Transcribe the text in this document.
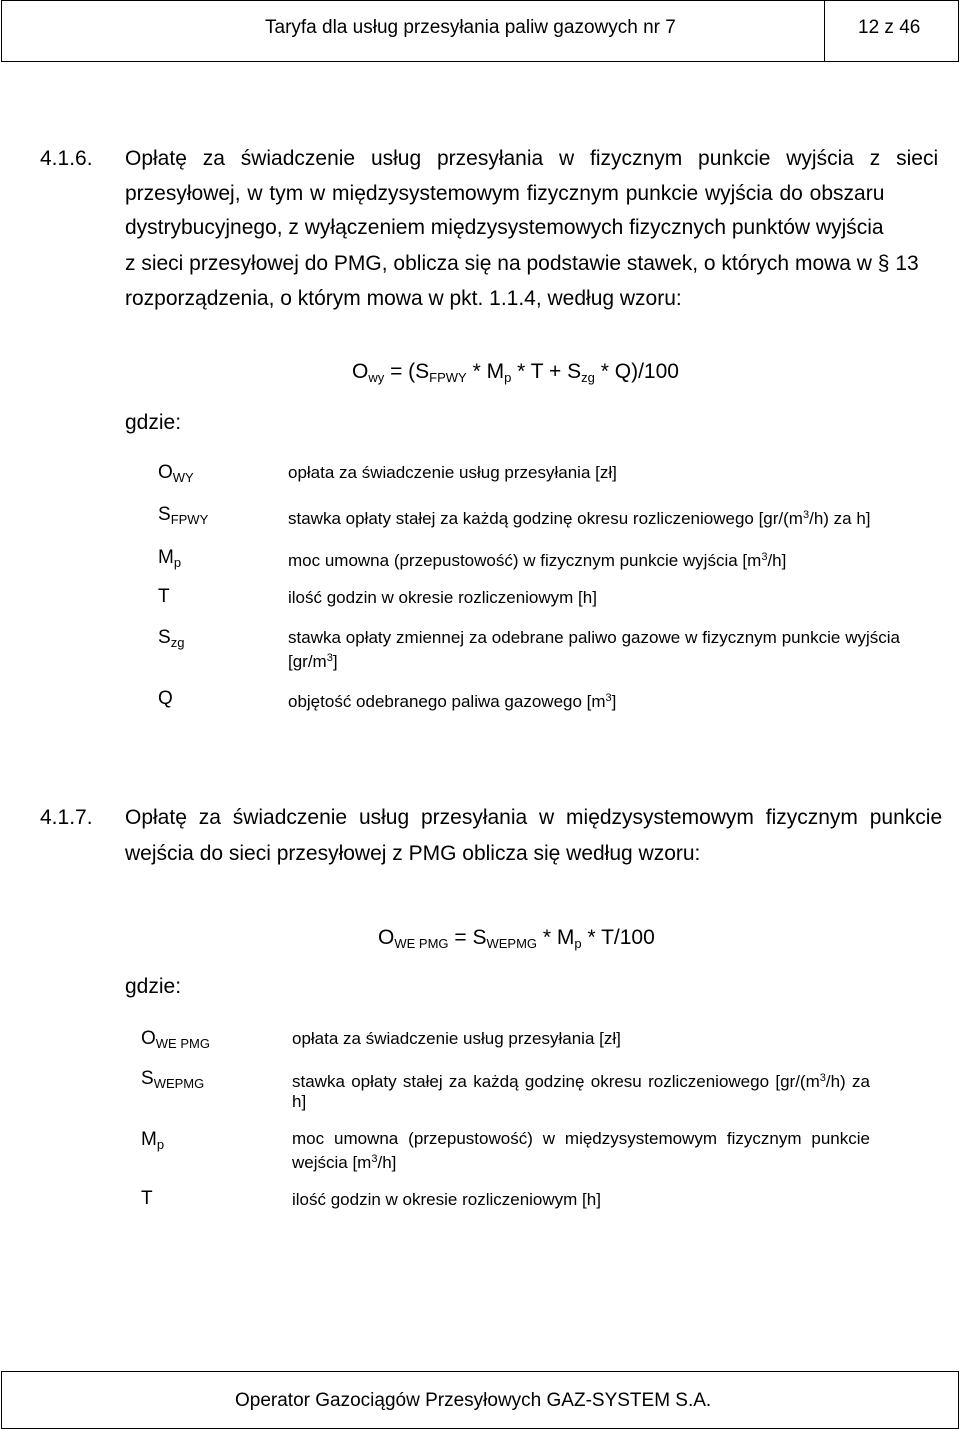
Taryfa dla usług przesyłania paliw gazowych nr 7	12 z 46
4.1.6. Opłatę za świadczenie usług przesyłania w fizycznym punkcie wyjścia z sieci
przesyłowej, w tym w międzysystemowym fizycznym punkcie wyjścia do obszaru
dystrybucyjnego, z wyłączeniem międzysystemowych fizycznych punktów wyjścia
z sieci przesyłowej do PMG, oblicza się na podstawie stawek, o których mowa w § 13
rozporządzenia, o którym mowa w pkt. 1.1.4, według wzoru:
$O_{wy} = (S_{FPWY} * M_p * T + S_{zg} * Q)/100$
gdzie:
$O_{WY}$	opłata za świadczenie usług przesyłania [zł]
$S_{FPWY}$	stawka opłaty stałej za każdą godzinę okresu rozliczeniowego [$gr/(m^3/h)$ za h]
$M_p$	moc umowna (przepustowość) w fizycznym punkcie wyjścia $[m^3/h]$
T	ilość godzin w okresie rozliczeniowym [h]
$S_{zg}$	stawka opłaty zmiennej za odebrane paliwo gazowe w fizycznym punkcie wyjścia $[gr/m^3]$
Q	objętość odebranego paliwa gazowego $[m^3]$
4.1.7. Opłatę za świadczenie usług przesyłania w międzysystemowym fizycznym punkcie
wejścia do sieci przesyłowej z PMG oblicza się według wzoru:
$O_{WE PMG} = S_{WEPMG} * M_p * T/100$
gdzie:
$O_{WE PMG}$	opłata za świadczenie usług przesyłania [zł]
$S_{WEPMG}$	stawka opłaty stałej za każdą godzinę okresu rozliczeniowego [$gr/(m^3/h)$ za h]
$M_p$	moc umowna (przepustowość) w międzysystemowym fizycznym punkcie wejścia $[m^3/h]$
T	ilość godzin w okresie rozliczeniowym [h]
Operator Gazociągów Przesyłowych GAZ-SYSTEM S.A.
